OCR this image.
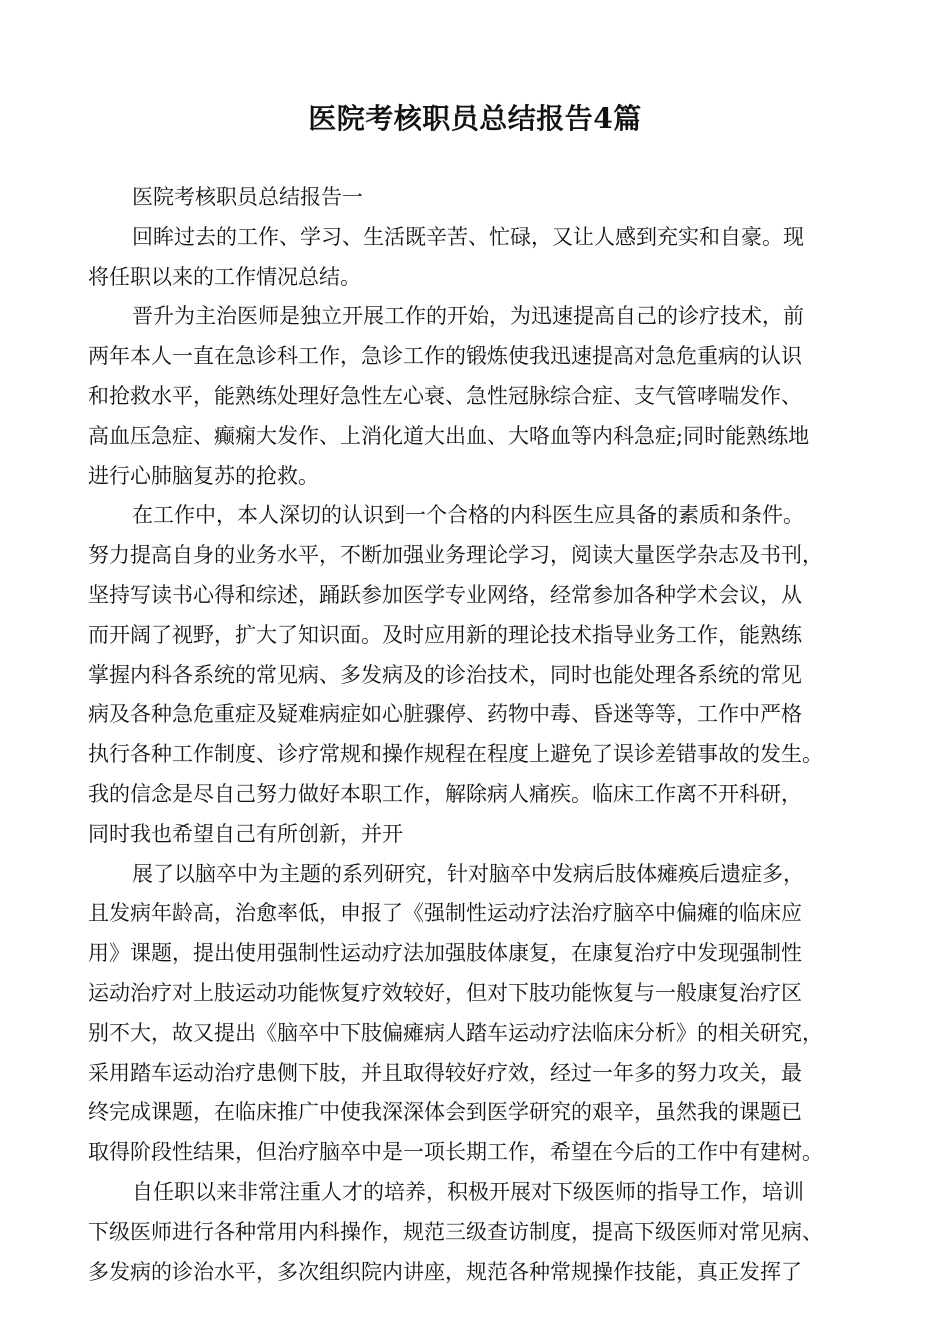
医院考核职员总结报告4篇
医院考核职员总结报告一
回眸过去的工作、学习、生活既辛苦、忙碌，又让人感到充实和自豪。现
将任职以来的工作情况总结。
晋升为主治医师是独立开展工作的开始，为迅速提高自己的诊疗技术，前
两年本人一直在急诊科工作，急诊工作的锻炼使我迅速提高对急危重病的认识
和抢救水平，能熟练处理好急性左心衰、急性冠脉综合症、支气管哮喘发作、
高血压急症、癫痫大发作、上消化道大出血、大咯血等内科急症;同时能熟练地
进行心肺脑复苏的抢救。
在工作中，本人深切的认识到一个合格的内科医生应具备的素质和条件。
努力提高自身的业务水平，不断加强业务理论学习，阅读大量医学杂志及书刊，
坚持写读书心得和综述，踊跃参加医学专业网络，经常参加各种学术会议，从
而开阔了视野，扩大了知识面。及时应用新的理论技术指导业务工作，能熟练
掌握内科各系统的常见病、多发病及的诊治技术，同时也能处理各系统的常见
病及各种急危重症及疑难病症如心脏骤停、药物中毒、昏迷等等，工作中严格
执行各种工作制度、诊疗常规和操作规程在程度上避免了误诊差错事故的发生。
我的信念是尽自己努力做好本职工作，解除病人痛疾。临床工作离不开科研，
同时我也希望自己有所创新，并开
展了以脑卒中为主题的系列研究，针对脑卒中发病后肢体瘫痪后遗症多，
且发病年龄高，治愈率低，申报了《强制性运动疗法治疗脑卒中偏瘫的临床应
用》课题，提出使用强制性运动疗法加强肢体康复，在康复治疗中发现强制性
运动治疗对上肢运动功能恢复疗效较好，但对下肢功能恢复与一般康复治疗区
别不大，故又提出《脑卒中下肢偏瘫病人踏车运动疗法临床分析》的相关研究，
采用踏车运动治疗患侧下肢，并且取得较好疗效，经过一年多的努力攻关，最
终完成课题，在临床推广中使我深深体会到医学研究的艰辛，虽然我的课题已
取得阶段性结果，但治疗脑卒中是一项长期工作，希望在今后的工作中有建树。
自任职以来非常注重人才的培养，积极开展对下级医师的指导工作，培训
下级医师进行各种常用内科操作，规范三级查访制度，提高下级医师对常见病、
多发病的诊治水平，多次组织院内讲座，规范各种常规操作技能，真正发挥了
